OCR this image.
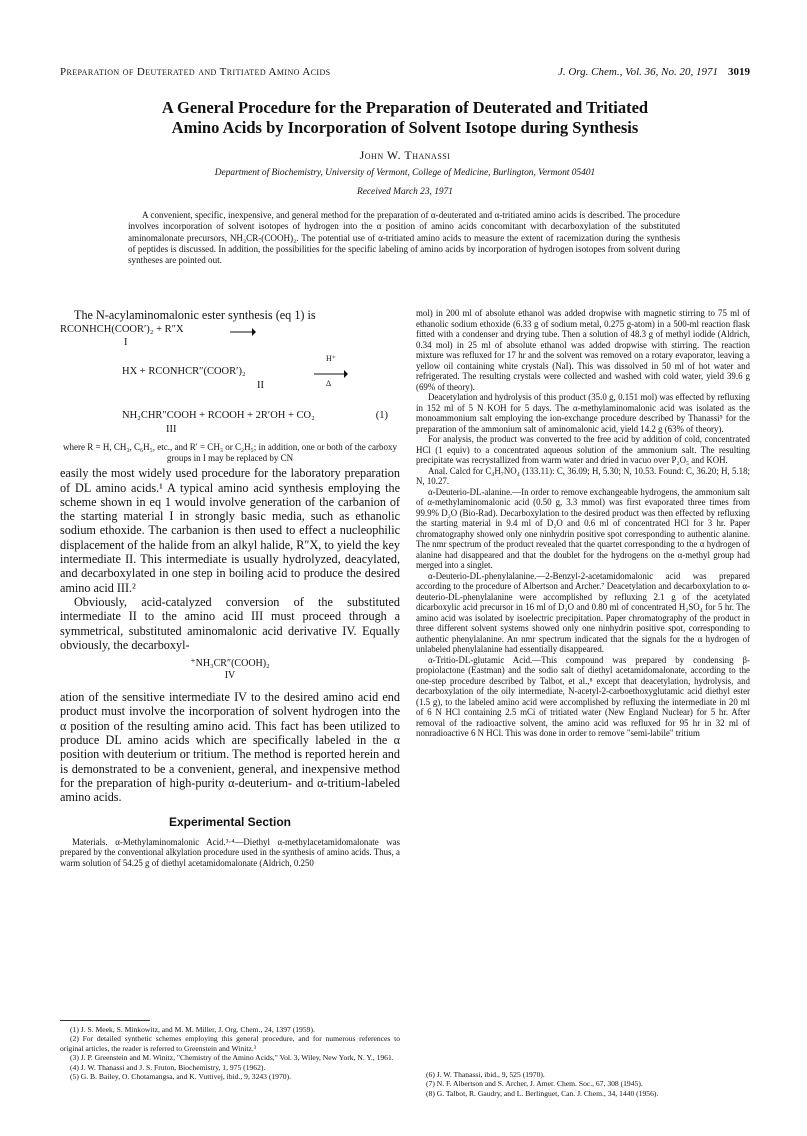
Preparation of Deuterated and Tritiated Amino Acids	J. Org. Chem., Vol. 36, No. 20, 1971 3019
A General Procedure for the Preparation of Deuterated and Tritiated
Amino Acids by Incorporation of Solvent Isotope during Synthesis
John W. Thanassi
Department of Biochemistry, University of Vermont, College of Medicine, Burlington, Vermont 05401
Received March 23, 1971
A convenient, specific, inexpensive, and general method for the preparation of α-deuterated and α-tritiated amino acids is described. The procedure involves incorporation of solvent isotopes of hydrogen into the α position of amino acids concomitant with decarboxylation of the substituted aminomalonate precursors, NH₂CR-(COOH)₂. The potential use of α-tritiated amino acids to measure the extent of racemization during the synthesis of peptides is discussed. In addition, the possibilities for the specific labeling of amino acids by incorporation of hydrogen isotopes from solvent during syntheses are pointed out.

The N-acylaminomalonic ester synthesis (eq 1) is

RCONHCH(COOR′)₂ + R″X
I
H⁺
HX + RCONHCR″(COOR′)₂
Δ
II
NH₂CHR″COOH + RCOOH + 2R′OH + CO₂	(1)
III

where R = H, CH₃, C₆H₅, etc., and R′ = CH₃ or C₂H₅; in addition, one or both of the carboxy groups in I may be replaced by CN

easily the most widely used procedure for the laboratory preparation of DL amino acids.¹ A typical amino acid synthesis employing the scheme shown in eq 1 would involve generation of the carbanion of the starting material I in strongly basic media, such as ethanolic sodium ethoxide. The carbanion is then used to effect a nucleophilic displacement of the halide from an alkyl halide, R″X, to yield the key intermediate II. This intermediate is usually hydrolyzed, deacylated, and decarboxylated in one step in boiling acid to produce the desired amino acid III.²

Obviously, acid-catalyzed conversion of the substituted intermediate II to the amino acid III must proceed through a symmetrical, substituted aminomalonic acid derivative IV. Equally obviously, the decarboxyl-

⁺NH₃CR″(COOH)₂
IV

ation of the sensitive intermediate IV to the desired amino acid end product must involve the incorporation of solvent hydrogen into the α position of the resulting amino acid. This fact has been utilized to produce DL amino acids which are specifically labeled in the α position with deuterium or tritium. The method is reported herein and is demonstrated to be a convenient, general, and inexpensive method for the preparation of high-purity α-deuterium- and α-tritium-labeled amino acids.

Experimental Section

Materials. α-Methylaminomalonic Acid.³·⁴—Diethyl α-methylacetamidomalonate was prepared by the conventional alkylation procedure used in the synthesis of amino acids. Thus, a warm solution of 54.25 g of diethyl acetamidomalonate (Aldrich, 0.250

mol) in 200 ml of absolute ethanol was added dropwise with magnetic stirring to 75 ml of ethanolic sodium ethoxide (6.33 g of sodium metal, 0.275 g-atom) in a 500-ml reaction flask fitted with a condenser and drying tube. Then a solution of 48.3 g of methyl iodide (Aldrich, 0.34 mol) in 25 ml of absolute ethanol was added dropwise with stirring. The reaction mixture was refluxed for 17 hr and the solvent was removed on a rotary evaporator, leaving a yellow oil containing white crystals (NaI). This was dissolved in 50 ml of hot water and refrigerated. The resulting crystals were collected and washed with cold water, yield 39.6 g (69% of theory).

Deacetylation and hydrolysis of this product (35.0 g, 0.151 mol) was effected by refluxing in 152 ml of 5 N KOH for 5 days. The α-methylaminomalonic acid was isolated as the monoammonium salt employing the ion-exchange procedure described by Thanassi⁵ for the preparation of the ammonium salt of aminomalonic acid, yield 14.2 g (63% of theory).

For analysis, the product was converted to the free acid by addition of cold, concentrated HCl (1 equiv) to a concentrated aqueous solution of the ammonium salt. The resulting precipitate was recrystallized from warm water and dried in vacuo over P₂O₅ and KOH.

Anal. Calcd for C₄H₇NO₄ (133.11): C, 36.09; H, 5.30; N, 10.53. Found: C, 36.20; H, 5.18; N, 10.27.

α-Deuterio-DL-alanine.—In order to remove exchangeable hydrogens, the ammonium salt of α-methylaminomalonic acid (0.50 g, 3.3 mmol) was first evaporated three times from 99.9% D₂O (Bio-Rad). Decarboxylation to the desired product was then effected by refluxing the starting material in 9.4 ml of D₂O and 0.6 ml of concentrated HCl for 3 hr. Paper chromatography showed only one ninhydrin positive spot corresponding to authentic alanine. The nmr spectrum of the product revealed that the quartet corresponding to the α hydrogen of alanine had disappeared and that the doublet for the hydrogens on the α-methyl group had merged into a singlet.

α-Deuterio-DL-phenylalanine.—2-Benzyl-2-acetamidomalonic acid was prepared according to the procedure of Albertson and Archer.⁷ Deacetylation and decarboxylation to α-deuterio-DL-phenylalanine were accomplished by refluxing 2.1 g of the acetylated dicarboxylic acid precursor in 16 ml of D₂O and 0.80 ml of concentrated H₂SO₄ for 5 hr. The amino acid was isolated by isoelectric precipitation. Paper chromatography of the product in three different solvent systems showed only one ninhydrin positive spot, corresponding to authentic phenylalanine. An nmr spectrum indicated that the signals for the α hydrogen of unlabeled phenylalanine had essentially disappeared.

α-Tritio-DL-glutamic Acid.—This compound was prepared by condensing β-propiolactone (Eastman) and the sodio salt of diethyl acetamidomalonate, according to the one-step procedure described by Talbot, et al.,⁸ except that deacetylation, hydrolysis, and decarboxylation of the oily intermediate, N-acetyl-2-carboethoxyglutamic acid diethyl ester (1.5 g), to the labeled amino acid were accomplished by refluxing the intermediate in 20 ml of 6 N HCl containing 2.5 mCi of tritiated water (New England Nuclear) for 5 hr. After removal of the radioactive solvent, the amino acid was refluxed for 95 hr in 32 ml of nonradioactive 6 N HCl. This was done in order to remove "semi-labile" tritium

(1) J. S. Meek, S. Minkowitz, and M. M. Miller, J. Org. Chem., 24, 1397 (1959).

(2) For detailed synthetic schemes employing this general procedure, and for numerous references to original articles, the reader is referred to Greenstein and Winitz.³

(3) J. P. Greenstein and M. Winitz, "Chemistry of the Amino Acids," Vol. 3, Wiley, New York, N. Y., 1961.

(4) J. W. Thanassi and J. S. Fruton, Biochemistry, 1, 975 (1962).

(5) G. B. Bailey, O. Chotamangsa, and K. Vuttivej, ibid., 9, 3243 (1970).	(6) J. W. Thanassi, ibid., 9, 525 (1970).

(7) N. F. Albertson and S. Archer, J. Amer. Chem. Soc., 67, 308 (1945).

(8) G. Talbot, R. Gaudry, and L. Berlinguet, Can. J. Chem., 34, 1440 (1956).
